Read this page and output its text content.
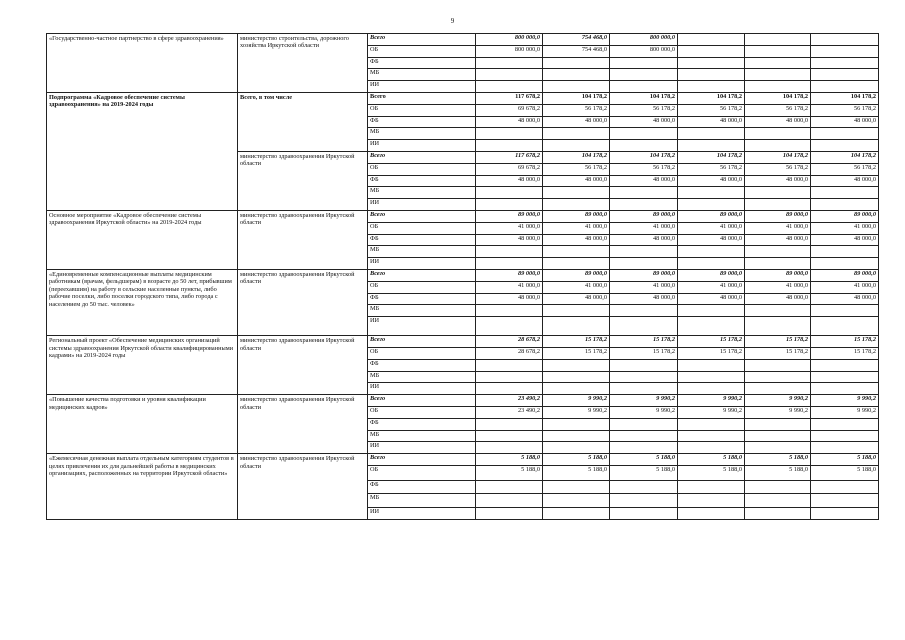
9
«Государственно-частное партнерство в сфере здравоохранения»	министерство строительства, дорожного хозяйства Иркутской области	Всего	800 000,0	754 468,0	800 000,0			
		ОБ	800 000,0	754 468,0	800 000,0			
		ФБ						
		МБ						
		ИИ						
Подпрограмма «Кадровое обеспечение системы здравоохранения» на 2019-2024 годы	Всего, в том числе	Всего	117 678,2	104 178,2	104 178,2	104 178,2	104 178,2	104 178,2
		ОБ	69 678,2	56 178,2	56 178,2	56 178,2	56 178,2	56 178,2
		ФБ	48 000,0	48 000,0	48 000,0	48 000,0	48 000,0	48 000,0
		МБ						
		ИИ						
	министерство здравоохранения Иркутской области	Всего	117 678,2	104 178,2	104 178,2	104 178,2	104 178,2	104 178,2
		ОБ	69 678,2	56 178,2	56 178,2	56 178,2	56 178,2	56 178,2
		ФБ	48 000,0	48 000,0	48 000,0	48 000,0	48 000,0	48 000,0
		МБ						
		ИИ						
Основное мероприятие «Кадровое обеспечение системы здравоохранения Иркутской области» на 2019-2024 годы	министерство здравоохранения Иркутской области	Всего	89 000,0	89 000,0	89 000,0	89 000,0	89 000,0	89 000,0
		ОБ	41 000,0	41 000,0	41 000,0	41 000,0	41 000,0	41 000,0
		ФБ	48 000,0	48 000,0	48 000,0	48 000,0	48 000,0	48 000,0
		МБ						
		ИИ						
«Единовременные компенсационные выплаты медицинским работникам (врачам, фельдшерам) в возрасте до 50 лет, прибывшим (переехавшим) на работу в сельские населенные пункты, либо рабочие поселки, либо поселки городского типа, либо города с населением до 50 тыс. человек»	министерство здравоохранения Иркутской области	Всего	89 000,0	89 000,0	89 000,0	89 000,0	89 000,0	89 000,0
		ОБ	41 000,0	41 000,0	41 000,0	41 000,0	41 000,0	41 000,0
		ФБ	48 000,0	48 000,0	48 000,0	48 000,0	48 000,0	48 000,0
		МБ						
		ИИ						
Региональный проект «Обеспечение медицинских организаций системы здравоохранения Иркутской области квалифицированными кадрами» на 2019-2024 годы	министерство здравоохранения Иркутской области	Всего	28 678,2	15 178,2	15 178,2	15 178,2	15 178,2	15 178,2
		ОБ	28 678,2	15 178,2	15 178,2	15 178,2	15 178,2	15 178,2
		ФБ						
		МБ						
		ИИ						
«Повышение качества подготовки и уровня квалификации медицинских кадров»	министерство здравоохранения Иркутской области	Всего	23 490,2	9 990,2	9 990,2	9 990,2	9 990,2	9 990,2
		ОБ	23 490,2	9 990,2	9 990,2	9 990,2	9 990,2	9 990,2
		ФБ						
		МБ						
		ИИ						
«Ежемесячная денежная выплата отдельным категориям студентов в целях привлечения их для дальнейшей работы в медицинских организациях, расположенных на территории Иркутской области»	министерство здравоохранения Иркутской области	Всего	5 188,0	5 188,0	5 188,0	5 188,0	5 188,0	5 188,0
		ОБ	5 188,0	5 188,0	5 188,0	5 188,0	5 188,0	5 188,0
		ФБ						
		МБ						
		ИИ						
